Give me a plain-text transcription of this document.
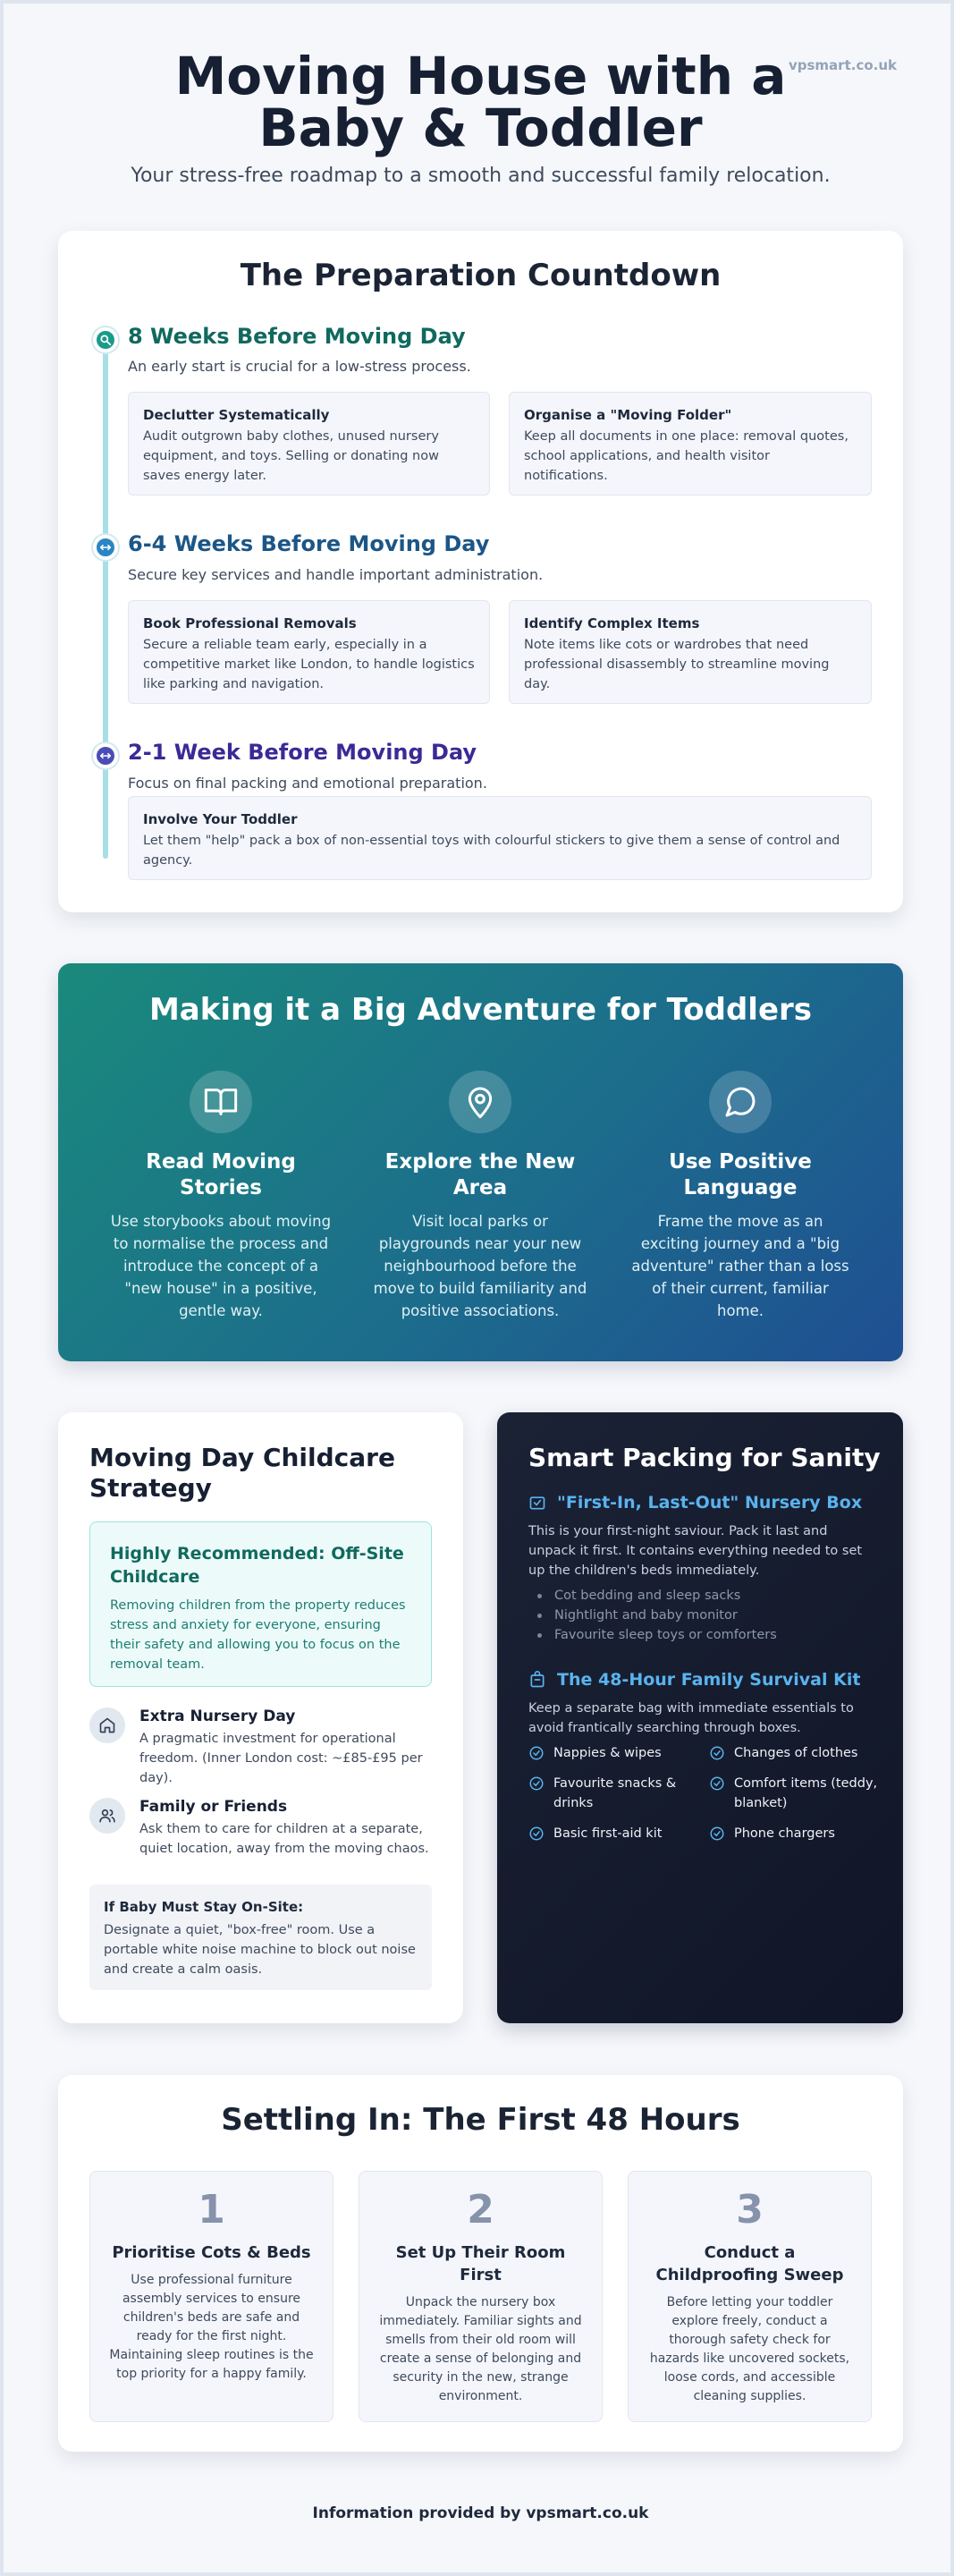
vpsmart.co.uk
Moving House with a Baby & Toddler

Your stress-free roadmap to a smooth and successful family relocation.

The Preparation Countdown
8 Weeks Before Moving Day
An early start is crucial for a low-stress process.
Declutter Systematically
Audit outgrown baby clothes, unused nursery equipment, and toys. Selling or donating now saves energy later.
Organise a "Moving Folder"
Keep all documents in one place: removal quotes, school applications, and health visitor notifications.
6-4 Weeks Before Moving Day
Secure key services and handle important administration.
Book Professional Removals
Secure a reliable team early, especially in a competitive market like London, to handle logistics like parking and navigation.
Identify Complex Items
Note items like cots or wardrobes that need professional disassembly to streamline moving day.
2-1 Week Before Moving Day
Focus on final packing and emotional preparation.
Involve Your Toddler
Let them "help" pack a box of non-essential toys with colourful stickers to give them a sense of control and agency.
Making it a Big Adventure for Toddlers
Read Moving Stories

Use storybooks about moving to normalise the process and introduce the concept of a "new house" in a positive, gentle way.

Explore the New Area

Visit local parks or playgrounds near your new neighbourhood before the move to build familiarity and positive associations.

Use Positive Language

Frame the move as an exciting journey and a "big adventure" rather than a loss of their current, familiar home.

Moving Day Childcare Strategy
Highly Recommended: Off-Site Childcare
Removing children from the property reduces stress and anxiety for everyone, ensuring their safety and allowing you to focus on the removal team.
Extra Nursery Day
A pragmatic investment for operational freedom. (Inner London cost: ~£85-£95 per day).
Family or Friends
Ask them to care for children at a separate, quiet location, away from the moving chaos.
If Baby Must Stay On-Site:
Designate a quiet, "box-free" room. Use a portable white noise machine to block out noise and create a calm oasis.
Smart Packing for Sanity
"First-In, Last-Out" Nursery Box
This is your first-night saviour. Pack it last and unpack it first. It contains everything needed to set up the children's beds immediately.
Cot bedding and sleep sacks
Nightlight and baby monitor
Favourite sleep toys or comforters
The 48-Hour Family Survival Kit
Keep a separate bag with immediate essentials to avoid frantically searching through boxes.
Nappies & wipes	Changes of clothes
Favourite snacks & drinks
Comfort items (teddy, blanket)
Basic first-aid kit	Phone chargers
Settling In: The First 48 Hours
1
Prioritise Cots & Beds
Use professional furniture assembly services to ensure children's beds are safe and ready for the first night. Maintaining sleep routines is the top priority for a happy family.
2
Set Up Their Room First
Unpack the nursery box immediately. Familiar sights and smells from their old room will create a sense of belonging and security in the new, strange environment.
3
Conduct a Childproofing Sweep
Before letting your toddler explore freely, conduct a thorough safety check for hazards like uncovered sockets, loose cords, and accessible cleaning supplies.
Information provided by vpsmart.co.uk
